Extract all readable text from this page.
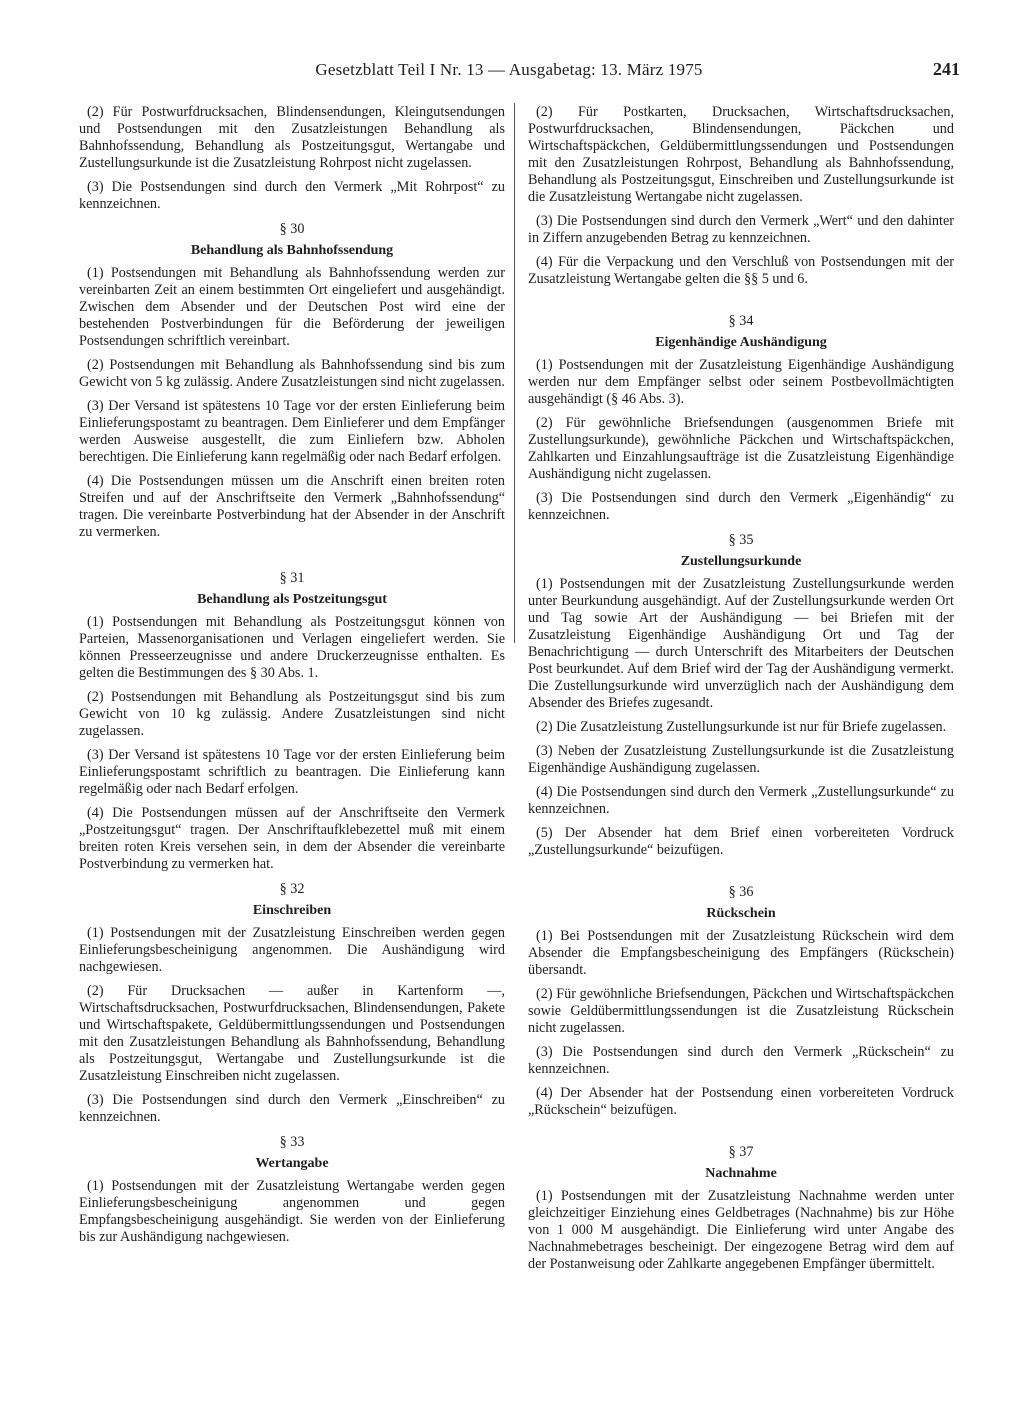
Gesetzblatt Teil I Nr. 13 — Ausgabetag: 13. März 1975	241

(2) Für Postwurfdrucksachen, Blindensendungen, Kleingutsendungen und Postsendungen mit den Zusatzleistungen Behandlung als Bahnhofssendung, Behandlung als Postzeitungsgut, Wertangabe und Zustellungsurkunde ist die Zusatzleistung Rohrpost nicht zugelassen.

(3) Die Postsendungen sind durch den Vermerk „Mit Rohrpost“ zu kennzeichnen.

§ 30
Behandlung als Bahnhofssendung

(1) Postsendungen mit Behandlung als Bahnhofssendung werden zur vereinbarten Zeit an einem bestimmten Ort eingeliefert und ausgehändigt. Zwischen dem Absender und der Deutschen Post wird eine der bestehenden Postverbindungen für die Beförderung der jeweiligen Postsendungen schriftlich vereinbart.

(2) Postsendungen mit Behandlung als Bahnhofssendung sind bis zum Gewicht von 5 kg zulässig. Andere Zusatzleistungen sind nicht zugelassen.

(3) Der Versand ist spätestens 10 Tage vor der ersten Einlieferung beim Einlieferungspostamt zu beantragen. Dem Einlieferer und dem Empfänger werden Ausweise ausgestellt, die zum Einliefern bzw. Abholen berechtigen. Die Einlieferung kann regelmäßig oder nach Bedarf erfolgen.

(4) Die Postsendungen müssen um die Anschrift einen breiten roten Streifen und auf der Anschriftseite den Vermerk „Bahnhofssendung“ tragen. Die vereinbarte Postverbindung hat der Absender in der Anschrift zu vermerken.

§ 31
Behandlung als Postzeitungsgut

(1) Postsendungen mit Behandlung als Postzeitungsgut können von Parteien, Massenorganisationen und Verlagen eingeliefert werden. Sie können Presseerzeugnisse und andere Druckerzeugnisse enthalten. Es gelten die Bestimmungen des § 30 Abs. 1.

(2) Postsendungen mit Behandlung als Postzeitungsgut sind bis zum Gewicht von 10 kg zulässig. Andere Zusatzleistungen sind nicht zugelassen.

(3) Der Versand ist spätestens 10 Tage vor der ersten Einlieferung beim Einlieferungspostamt schriftlich zu beantragen. Die Einlieferung kann regelmäßig oder nach Bedarf erfolgen.

(4) Die Postsendungen müssen auf der Anschriftseite den Vermerk „Postzeitungsgut“ tragen. Der Anschriftaufklebezettel muß mit einem breiten roten Kreis versehen sein, in dem der Absender die vereinbarte Postverbindung zu vermerken hat.

§ 32
Einschreiben

(1) Postsendungen mit der Zusatzleistung Einschreiben werden gegen Einlieferungsbescheinigung angenommen. Die Aushändigung wird nachgewiesen.

(2) Für Drucksachen — außer in Kartenform —, Wirtschaftsdrucksachen, Postwurfdrucksachen, Blindensendungen, Pakete und Wirtschaftspakete, Geldübermittlungssendungen und Postsendungen mit den Zusatzleistungen Behandlung als Bahnhofssendung, Behandlung als Postzeitungsgut, Wertangabe und Zustellungsurkunde ist die Zusatzleistung Einschreiben nicht zugelassen.

(3) Die Postsendungen sind durch den Vermerk „Einschreiben“ zu kennzeichnen.

§ 33
Wertangabe

(1) Postsendungen mit der Zusatzleistung Wertangabe werden gegen Einlieferungsbescheinigung angenommen und gegen Empfangsbescheinigung ausgehändigt. Sie werden von der Einlieferung bis zur Aushändigung nachgewiesen.

(2) Für Postkarten, Drucksachen, Wirtschaftsdrucksachen, Postwurfdrucksachen, Blindensendungen, Päckchen und Wirtschaftspäckchen, Geldübermittlungssendungen und Postsendungen mit den Zusatzleistungen Rohrpost, Behandlung als Bahnhofssendung, Behandlung als Postzeitungsgut, Einschreiben und Zustellungsurkunde ist die Zusatzleistung Wertangabe nicht zugelassen.

(3) Die Postsendungen sind durch den Vermerk „Wert“ und den dahinter in Ziffern anzugebenden Betrag zu kennzeichnen.

(4) Für die Verpackung und den Verschluß von Postsendungen mit der Zusatzleistung Wertangabe gelten die §§ 5 und 6.

§ 34
Eigenhändige Aushändigung

(1) Postsendungen mit der Zusatzleistung Eigenhändige Aushändigung werden nur dem Empfänger selbst oder seinem Postbevollmächtigten ausgehändigt (§ 46 Abs. 3).

(2) Für gewöhnliche Briefsendungen (ausgenommen Briefe mit Zustellungsurkunde), gewöhnliche Päckchen und Wirtschaftspäckchen, Zahlkarten und Einzahlungsaufträge ist die Zusatzleistung Eigenhändige Aushändigung nicht zugelassen.

(3) Die Postsendungen sind durch den Vermerk „Eigenhändig“ zu kennzeichnen.

§ 35
Zustellungsurkunde

(1) Postsendungen mit der Zusatzleistung Zustellungsurkunde werden unter Beurkundung ausgehändigt. Auf der Zustellungsurkunde werden Ort und Tag sowie Art der Aushändigung — bei Briefen mit der Zusatzleistung Eigenhändige Aushändigung Ort und Tag der Benachrichtigung — durch Unterschrift des Mitarbeiters der Deutschen Post beurkundet. Auf dem Brief wird der Tag der Aushändigung vermerkt. Die Zustellungsurkunde wird unverzüglich nach der Aushändigung dem Absender des Briefes zugesandt.

(2) Die Zusatzleistung Zustellungsurkunde ist nur für Briefe zugelassen.

(3) Neben der Zusatzleistung Zustellungsurkunde ist die Zusatzleistung Eigenhändige Aushändigung zugelassen.

(4) Die Postsendungen sind durch den Vermerk „Zustellungsurkunde“ zu kennzeichnen.

(5) Der Absender hat dem Brief einen vorbereiteten Vordruck „Zustellungsurkunde“ beizufügen.

§ 36
Rückschein

(1) Bei Postsendungen mit der Zusatzleistung Rückschein wird dem Absender die Empfangsbescheinigung des Empfängers (Rückschein) übersandt.

(2) Für gewöhnliche Briefsendungen, Päckchen und Wirtschaftspäckchen sowie Geldübermittlungssendungen ist die Zusatzleistung Rückschein nicht zugelassen.

(3) Die Postsendungen sind durch den Vermerk „Rückschein“ zu kennzeichnen.

(4) Der Absender hat der Postsendung einen vorbereiteten Vordruck „Rückschein“ beizufügen.

§ 37
Nachnahme

(1) Postsendungen mit der Zusatzleistung Nachnahme werden unter gleichzeitiger Einziehung eines Geldbetrages (Nachnahme) bis zur Höhe von 1 000 M ausgehändigt. Die Einlieferung wird unter Angabe des Nachnahmebetrages bescheinigt. Der eingezogene Betrag wird dem auf der Postanweisung oder Zahlkarte angegebenen Empfänger übermittelt.
